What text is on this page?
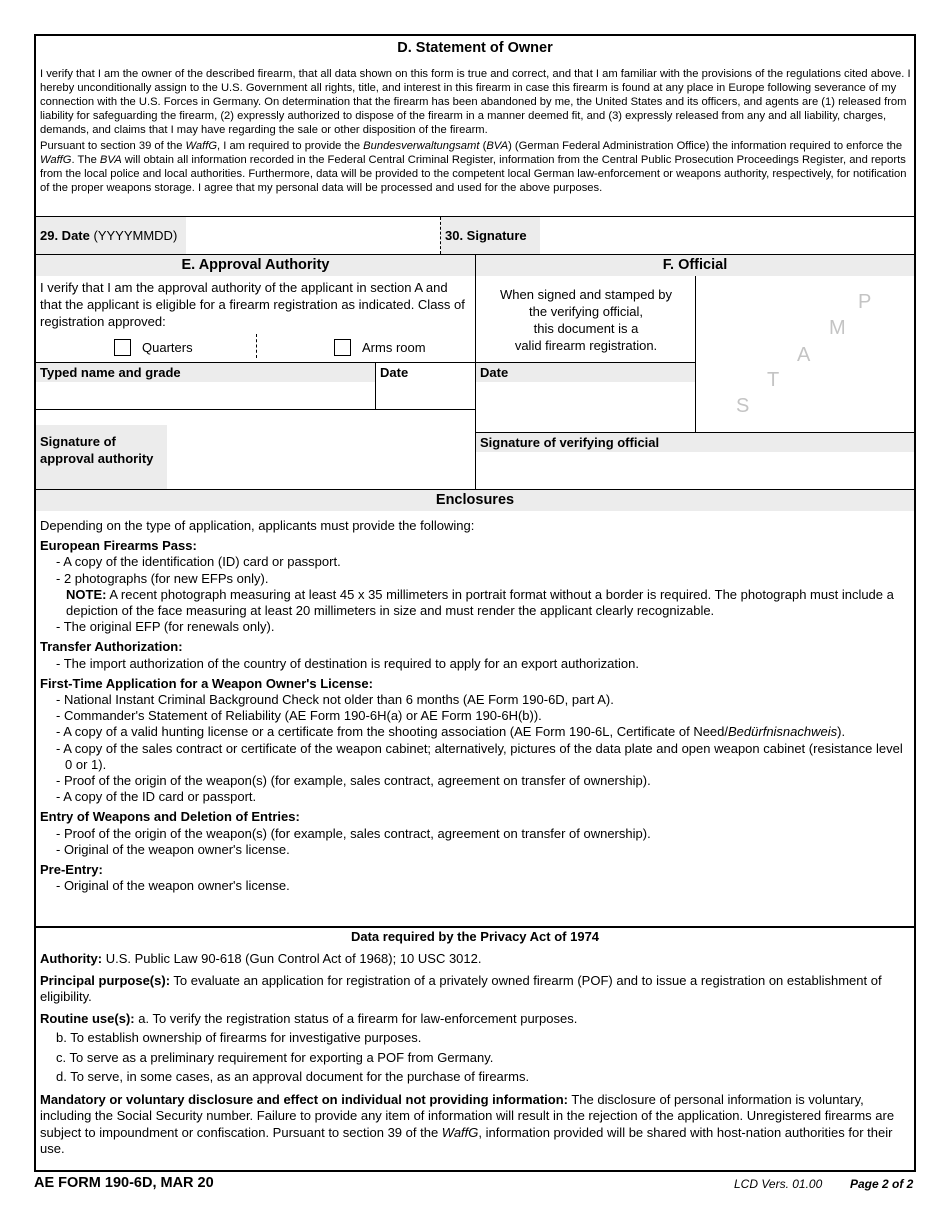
D. Statement of Owner

I verify that I am the owner of the described firearm, that all data shown on this form is true and correct, and that I am familiar with the provisions of the regulations cited above. I hereby unconditionally assign to the U.S. Government all rights, title, and interest in this firearm in case this firearm is found at any place in Europe following severance of my connection with the U.S. Forces in Germany. On determination that the firearm has been abandoned by me, the United States and its officers, and agents are (1) released from liability for safeguarding the firearm, (2) expressly authorized to dispose of the firearm in a manner deemed fit, and (3) expressly released from any and all liability, charges, demands, and claims that I may have regarding the sale or other disposition of the firearm.

Pursuant to section 39 of the WaffG, I am required to provide the Bundesverwaltungsamt (BVA) (German Federal Administration Office) the information required to enforce the WaffG. The BVA will obtain all information recorded in the Federal Central Criminal Register, information from the Central Public Prosecution Proceedings Register, and reports from the local police and local authorities. Furthermore, data will be provided to the competent local German law-enforcement or weapons authority, respectively, for notification of the proper weapons storage. I agree that my personal data will be processed and used for the above purposes.

29. Date (YYYYMMDD)	30. Signature
E. Approval Authority	F. Official
I verify that I am the approval authority of the applicant in section A and that the applicant is eligible for a firearm registration as indicated. Class of registration approved:
Quarters	Arms room
Typed name and grade	Date
Signature of
approval authority
When signed and stamped by
the verifying official,
this document is a
valid firearm registration.
P
M
A
T
S
Date
Signature of verifying official
Enclosures
Depending on the type of application, applicants must provide the following:
European Firearms Pass:
- A copy of the identification (ID) card or passport.
- 2 photographs (for new EFPs only).
NOTE: A recent photograph measuring at least 45 x 35 millimeters in portrait format without a border is required. The photograph must include a depiction of the face measuring at least 20 millimeters in size and must render the applicant clearly recognizable.
- The original EFP (for renewals only).
Transfer Authorization:
- The import authorization of the country of destination is required to apply for an export authorization.
First-Time Application for a Weapon Owner's License:
- National Instant Criminal Background Check not older than 6 months (AE Form 190-6D, part A).
- Commander's Statement of Reliability (AE Form 190-6H(a) or AE Form 190-6H(b)).
- A copy of a valid hunting license or a certificate from the shooting association (AE Form 190-6L, Certificate of Need/Bedürfnisnachweis).
- A copy of the sales contract or certificate of the weapon cabinet; alternatively, pictures of the data plate and open weapon cabinet (resistance level 0 or 1).
- Proof of the origin of the weapon(s) (for example, sales contract, agreement on transfer of ownership).
- A copy of the ID card or passport.
Entry of Weapons and Deletion of Entries:
- Proof of the origin of the weapon(s) (for example, sales contract, agreement on transfer of ownership).
- Original of the weapon owner's license.
Pre-Entry:
- Original of the weapon owner's license.
Data required by the Privacy Act of 1974

Authority: U.S. Public Law 90-618 (Gun Control Act of 1968); 10 USC 3012.

Principal purpose(s): To evaluate an application for registration of a privately owned firearm (POF) and to issue a registration on establishment of eligibility.

Routine use(s): a. To verify the registration status of a firearm for law-enforcement purposes.

b. To establish ownership of firearms for investigative purposes.
c. To serve as a preliminary requirement for exporting a POF from Germany.
d. To serve, in some cases, as an approval document for the purchase of firearms.

Mandatory or voluntary disclosure and effect on individual not providing information: The disclosure of personal information is voluntary, including the Social Security number. Failure to provide any item of information will result in the rejection of the application. Unregistered firearms are subject to impoundment or confiscation. Pursuant to section 39 of the WaffG, information provided will be shared with host-nation authorities for their use.

AE FORM 190-6D, MAR 20	LCD Vers. 01.00 Page 2 of 2
